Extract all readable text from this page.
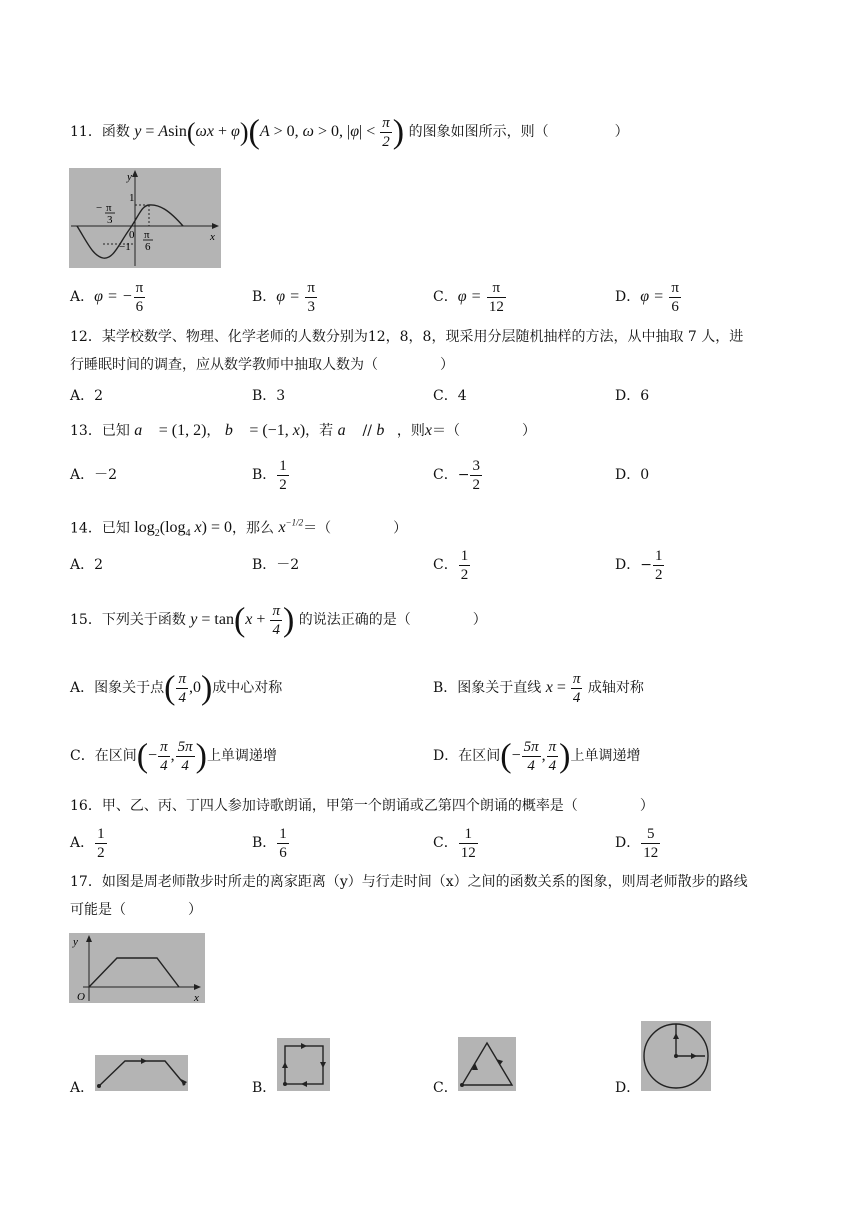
11．函数 y = Asin(ωx + φ)(A > 0, ω > 0, $|\varphi| < \frac{\pi}{2}$ ) 的图象如图所示，则（	）
y
x
1
−1
0
− π
3
π
6
A．φ = − $\frac{\pi}{6}$	B．$\varphi = \frac{\pi}{3}$	C．$\varphi = \frac{\pi}{12}$	D．$\varphi = \frac{\pi}{6}$
12．某学校数学、物理、化学老师的人数分别为12，8，8，现采用分层随机抽样的方法，从中抽取 7 人，进
行睡眠时间的调查，应从数学教师中抽取人数为（	）
A．2	B．3	C．4	D．6
13．已知 a⃗ = (1, 2)， b⃗ = (−1, x)，若 a⃗ // b⃗，则x＝（	）
A．－2	B． $\frac{1}{2}$	C．− $\frac{3}{2}$	D．0
14．已知 $\log_2(\log_4$ x) = 0，那么 $x^{-1/2}=$（	）
A．2	B．－2	C． $\frac{1}{2}$	D．− $\frac{1}{2}$
15．下列关于函数 $y = \tan(x + \frac{\pi}{4}$ ) 的说法正确的是（	）
A．图象关于点( $\frac{\pi}{4} ,0$)成中心对称	B．图象关于直线 $x = \frac{\pi}{4}$ 成轴对称
C．在区间(− $\frac{\pi}{4}$ , $\frac{5\pi}{4}$ )上单调递增	D．在区间(− $\frac{5\pi}{4}$ , $\frac{\pi}{4}$ )上单调递增
16．甲、乙、丙、丁四人参加诗歌朗诵，甲第一个朗诵或乙第四个朗诵的概率是（	）
A． $\frac{1}{2}$	B． $\frac{1}{6}$	C． $\frac{1}{12}$	D． $\frac{5}{12}$
17．如图是周老师散步时所走的离家距离（y）与行走时间（x）之间的函数关系的图象，则周老师散步的路线
可能是（	）
y
x
O
A．	B．	C．	D．
